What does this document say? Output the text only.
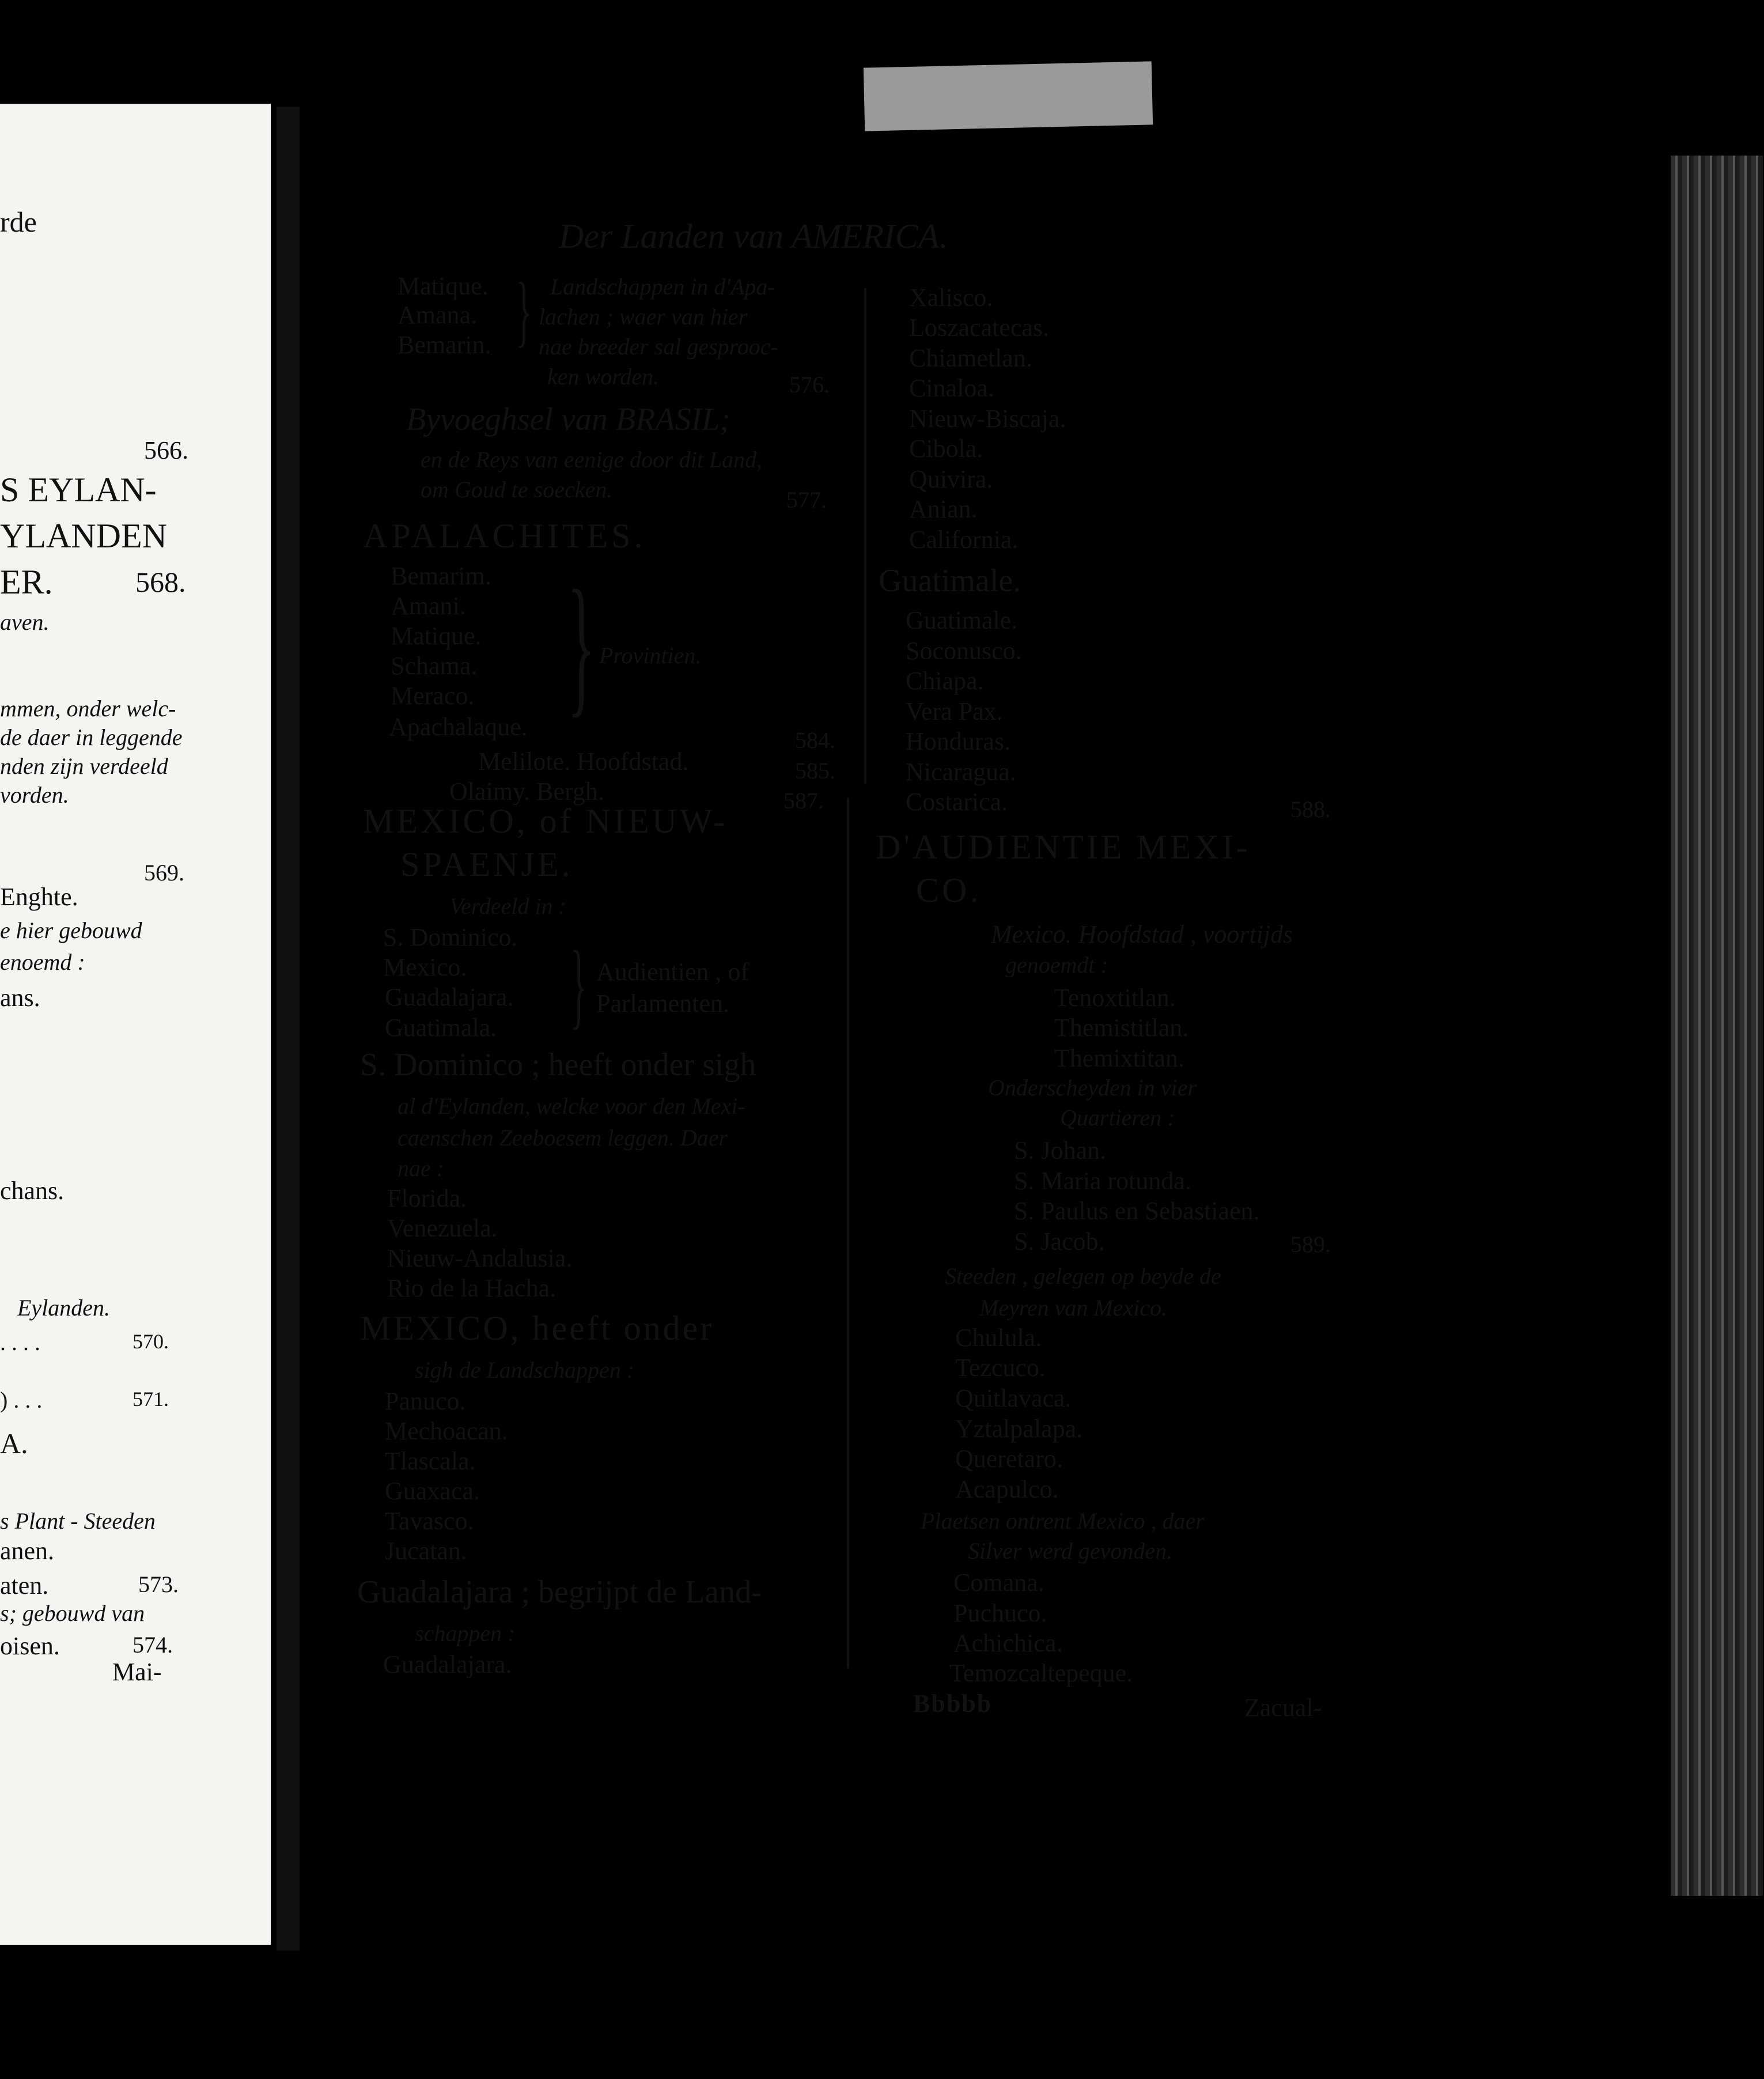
rde
566.
S EYLAN-
YLANDEN
ER.	568.
aven.
mmen, onder welc-
de daer in leggende
nden zijn verdeeld
vorden.
569.
Enghte.
e hier gebouwd
enoemd :
ans.
chans.
Eylanden.
. . . .	570.
) . . .	571.
A.
s Plant - Steeden
anen.
aten.	573.
s; gebouwd van
oisen.	574.
Mai-
Der Landen van AMERICA.
Matique.
Amana.
Bemarin. } Landschappen in d'Apa-
lachen ; waer van hier
nae breeder sal gesprooc-
ken worden.	576.
Byvoeghsel van BRASIL;
en de Reys van eenige door dit Land,
om Goud te soecken.	577.
APALACHITES.
Bemarim.
Amani.
Matique.
Schama.
Meraco.
Apachalaque. } Provintien.
584.
Melilote. Hoofdstad.	585.
Olaimy. Bergh.	587.
MEXICO, of NIEUW-
SPAENJE.
Verdeeld in :
S. Dominico.
Mexico.
Guadalajara.
Guatimala. } Audientien , of
Parlamenten.
S. Dominico ; heeft onder sigh
al d'Eylanden, welcke voor den Mexi-
caenschen Zeeboesem leggen. Daer
nae :
Florida.
Venezuela.
Nieuw-Andalusia.
Rio de la Hacha.
MEXICO, heeft onder
sigh de Landschappen :
Panuco.
Mechoacan.
Tlascala.
Guaxaca.
Tavasco.
Jucatan.
Guadalajara ; begrijpt de Land-
schappen :
Guadalajara.
Xalisco.
Loszacatecas.
Chiametlan.
Cinaloa.
Nieuw-Biscaja.
Cibola.
Quivira.
Anian.
California.
Guatimale.
Guatimale.
Soconusco.
Chiapa.
Vera Pax.
Honduras.
Nicaragua.
Costarica.	588.
D'AUDIENTIE MEXI-
CO.
Mexico. Hoofdstad , voortijds
genoemdt :
Tenoxtitlan.
Themistitlan.
Themixtitan.
Onderscheyden in vier
Quartieren :
S. Johan.
S. Maria rotunda.
S. Paulus en Sebastiaen.
S. Jacob.	589.
Steeden , gelegen op beyde de
Meyren van Mexico.
Chulula.
Tezcuco.
Quitlavaca.
Yztalpalapa.
Queretaro.
Acapulco.
Plaetsen ontrent Mexico , daer
Silver werd gevonden.
Comana.
Puchuco.
Achichica.
Temozcaltepeque.
Bbbbb	Zacual-
